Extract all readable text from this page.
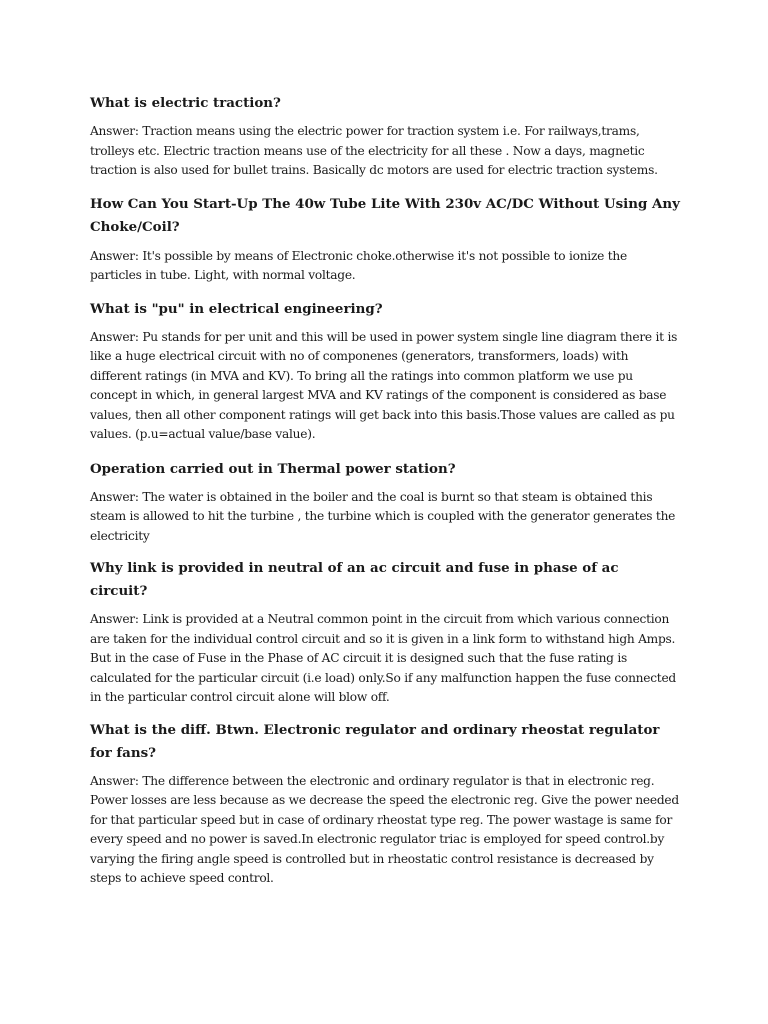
What is electric traction?

Answer: Traction means using the electric power for traction system i.e. For railways,trams, trolleys etc. Electric traction means use of the electricity for all these . Now a days, magnetic traction is also used for bullet trains. Basically dc motors are used for electric traction systems.

How Can You Start-Up The 40w Tube Lite With 230v AC/DC Without Using Any Choke/Coil?

Answer: It's possible by means of Electronic choke.otherwise it's not possible to ionize the particles in tube. Light, with normal voltage.

What is "pu" in electrical engineering?

Answer: Pu stands for per unit and this will be used in power system single line diagram there it is like a huge electrical circuit with no of componenes (generators, transformers, loads) with different ratings (in MVA and KV). To bring all the ratings into common platform we use pu concept in which, in general largest MVA and KV ratings of the component is considered as base values, then all other component ratings will get back into this basis.Those values are called as pu values. (p.u=actual value/base value).

Operation carried out in Thermal power station?

Answer: The water is obtained in the boiler and the coal is burnt so that steam is obtained this steam is allowed to hit the turbine , the turbine which is coupled with the generator generates the electricity

Why link is provided in neutral of an ac circuit and fuse in phase of ac circuit?

Answer: Link is provided at a Neutral common point in the circuit from which various connection are taken for the individual control circuit and so it is given in a link form to withstand high Amps. But in the case of Fuse in the Phase of AC circuit it is designed such that the fuse rating is calculated for the particular circuit (i.e load) only.So if any malfunction happen the fuse connected in the particular control circuit alone will blow off.

What is the diff. Btwn. Electronic regulator and ordinary rheostat regulator for fans?

Answer: The difference between the electronic and ordinary regulator is that in electronic reg. Power losses are less because as we decrease the speed the electronic reg. Give the power needed for that particular speed but in case of ordinary rheostat type reg. The power wastage is same for every speed and no power is saved.In electronic regulator triac is employed for speed control.by varying the firing angle speed is controlled but in rheostatic control resistance is decreased by steps to achieve speed control.
